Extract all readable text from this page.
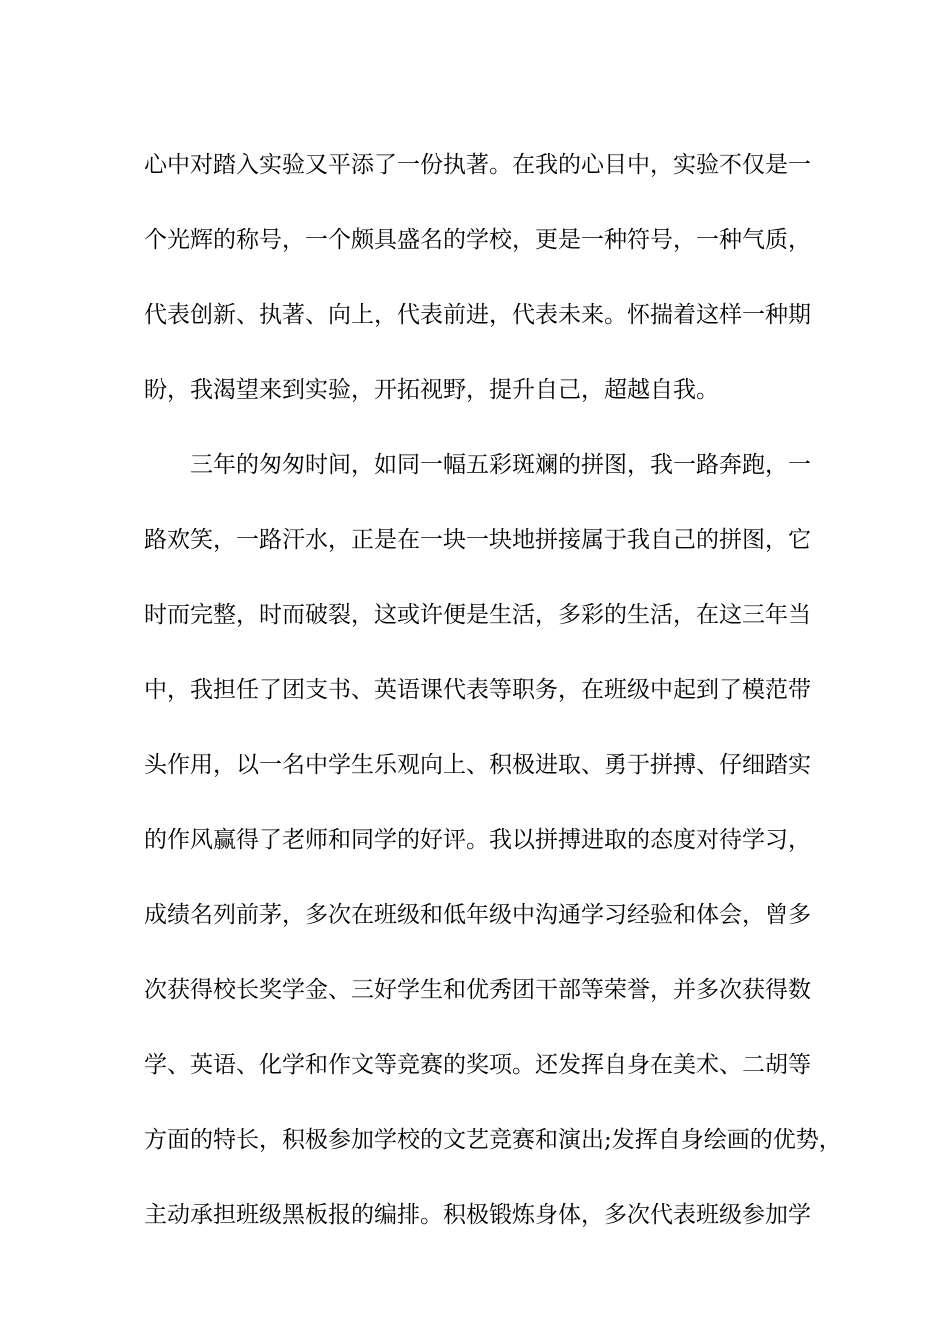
心中对踏入实验又平添了一份执著。在我的心目中，实验不仅是一
个光辉的称号，一个颇具盛名的学校，更是一种符号，一种气质，
代表创新、执著、向上，代表前进，代表未来。怀揣着这样一种期
盼，我渴望来到实验，开拓视野，提升自己，超越自我。
三年的匆匆时间，如同一幅五彩斑斓的拼图，我一路奔跑，一
路欢笑，一路汗水，正是在一块一块地拼接属于我自己的拼图，它
时而完整，时而破裂，这或许便是生活，多彩的生活，在这三年当
中，我担任了团支书、英语课代表等职务，在班级中起到了模范带
头作用，以一名中学生乐观向上、积极进取、勇于拼搏、仔细踏实
的作风赢得了老师和同学的好评。我以拼搏进取的态度对待学习，
成绩名列前茅，多次在班级和低年级中沟通学习经验和体会，曾多
次获得校长奖学金、三好学生和优秀团干部等荣誉，并多次获得数
学、英语、化学和作文等竞赛的奖项。还发挥自身在美术、二胡等
方面的特长，积极参加学校的文艺竞赛和演出;发挥自身绘画的优势，
主动承担班级黑板报的编排。积极锻炼身体，多次代表班级参加学
